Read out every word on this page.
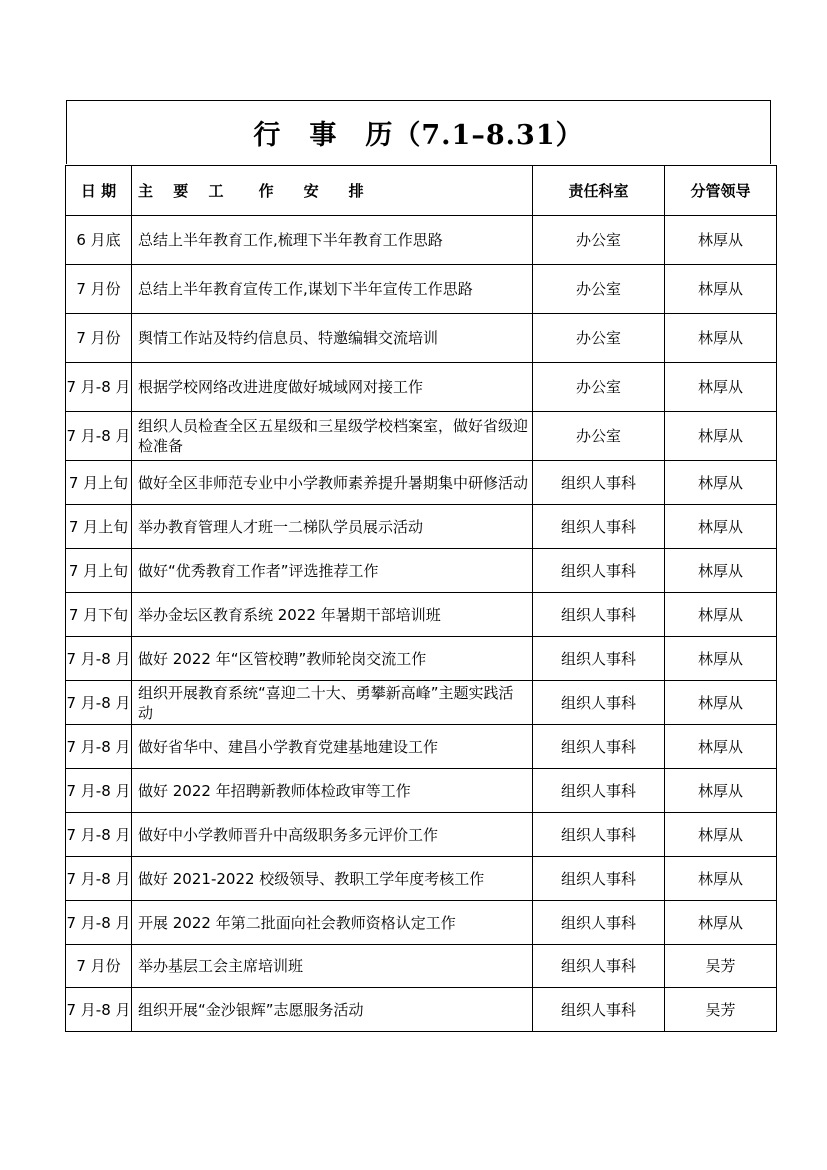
行 事 历（7.1–8.31）
日 期	主　 要　 工　　 作　　安　　排	责任科室	分管领导
6 月底	总结上半年教育工作,梳理下半年教育工作思路	办公室	林厚从
7 月份	总结上半年教育宣传工作,谋划下半年宣传工作思路	办公室	林厚从
7 月份	舆情工作站及特约信息员、特邀编辑交流培训	办公室	林厚从
7 月-8 月	根据学校网络改进进度做好城域网对接工作	办公室	林厚从
7 月-8 月	组织人员检查全区五星级和三星级学校档案室，做好省级迎检准备	办公室	林厚从
7 月上旬	做好全区非师范专业中小学教师素养提升暑期集中研修活动	组织人事科	林厚从
7 月上旬	举办教育管理人才班一二梯队学员展示活动	组织人事科	林厚从
7 月上旬	做好“优秀教育工作者”评选推荐工作	组织人事科	林厚从
7 月下旬	举办金坛区教育系统 2022 年暑期干部培训班	组织人事科	林厚从
7 月-8 月	做好 2022 年“区管校聘”教师轮岗交流工作	组织人事科	林厚从
7 月-8 月	组织开展教育系统“喜迎二十大、勇攀新高峰”主题实践活动	组织人事科	林厚从
7 月-8 月	做好省华中、建昌小学教育党建基地建设工作	组织人事科	林厚从
7 月-8 月	做好 2022 年招聘新教师体检政审等工作	组织人事科	林厚从
7 月-8 月	做好中小学教师晋升中高级职务多元评价工作	组织人事科	林厚从
7 月-8 月	做好 2021-2022 校级领导、教职工学年度考核工作	组织人事科	林厚从
7 月-8 月	开展 2022 年第二批面向社会教师资格认定工作	组织人事科	林厚从
7 月份	举办基层工会主席培训班	组织人事科	吴芳
7 月-8 月	组织开展“金沙银辉”志愿服务活动	组织人事科	吴芳
